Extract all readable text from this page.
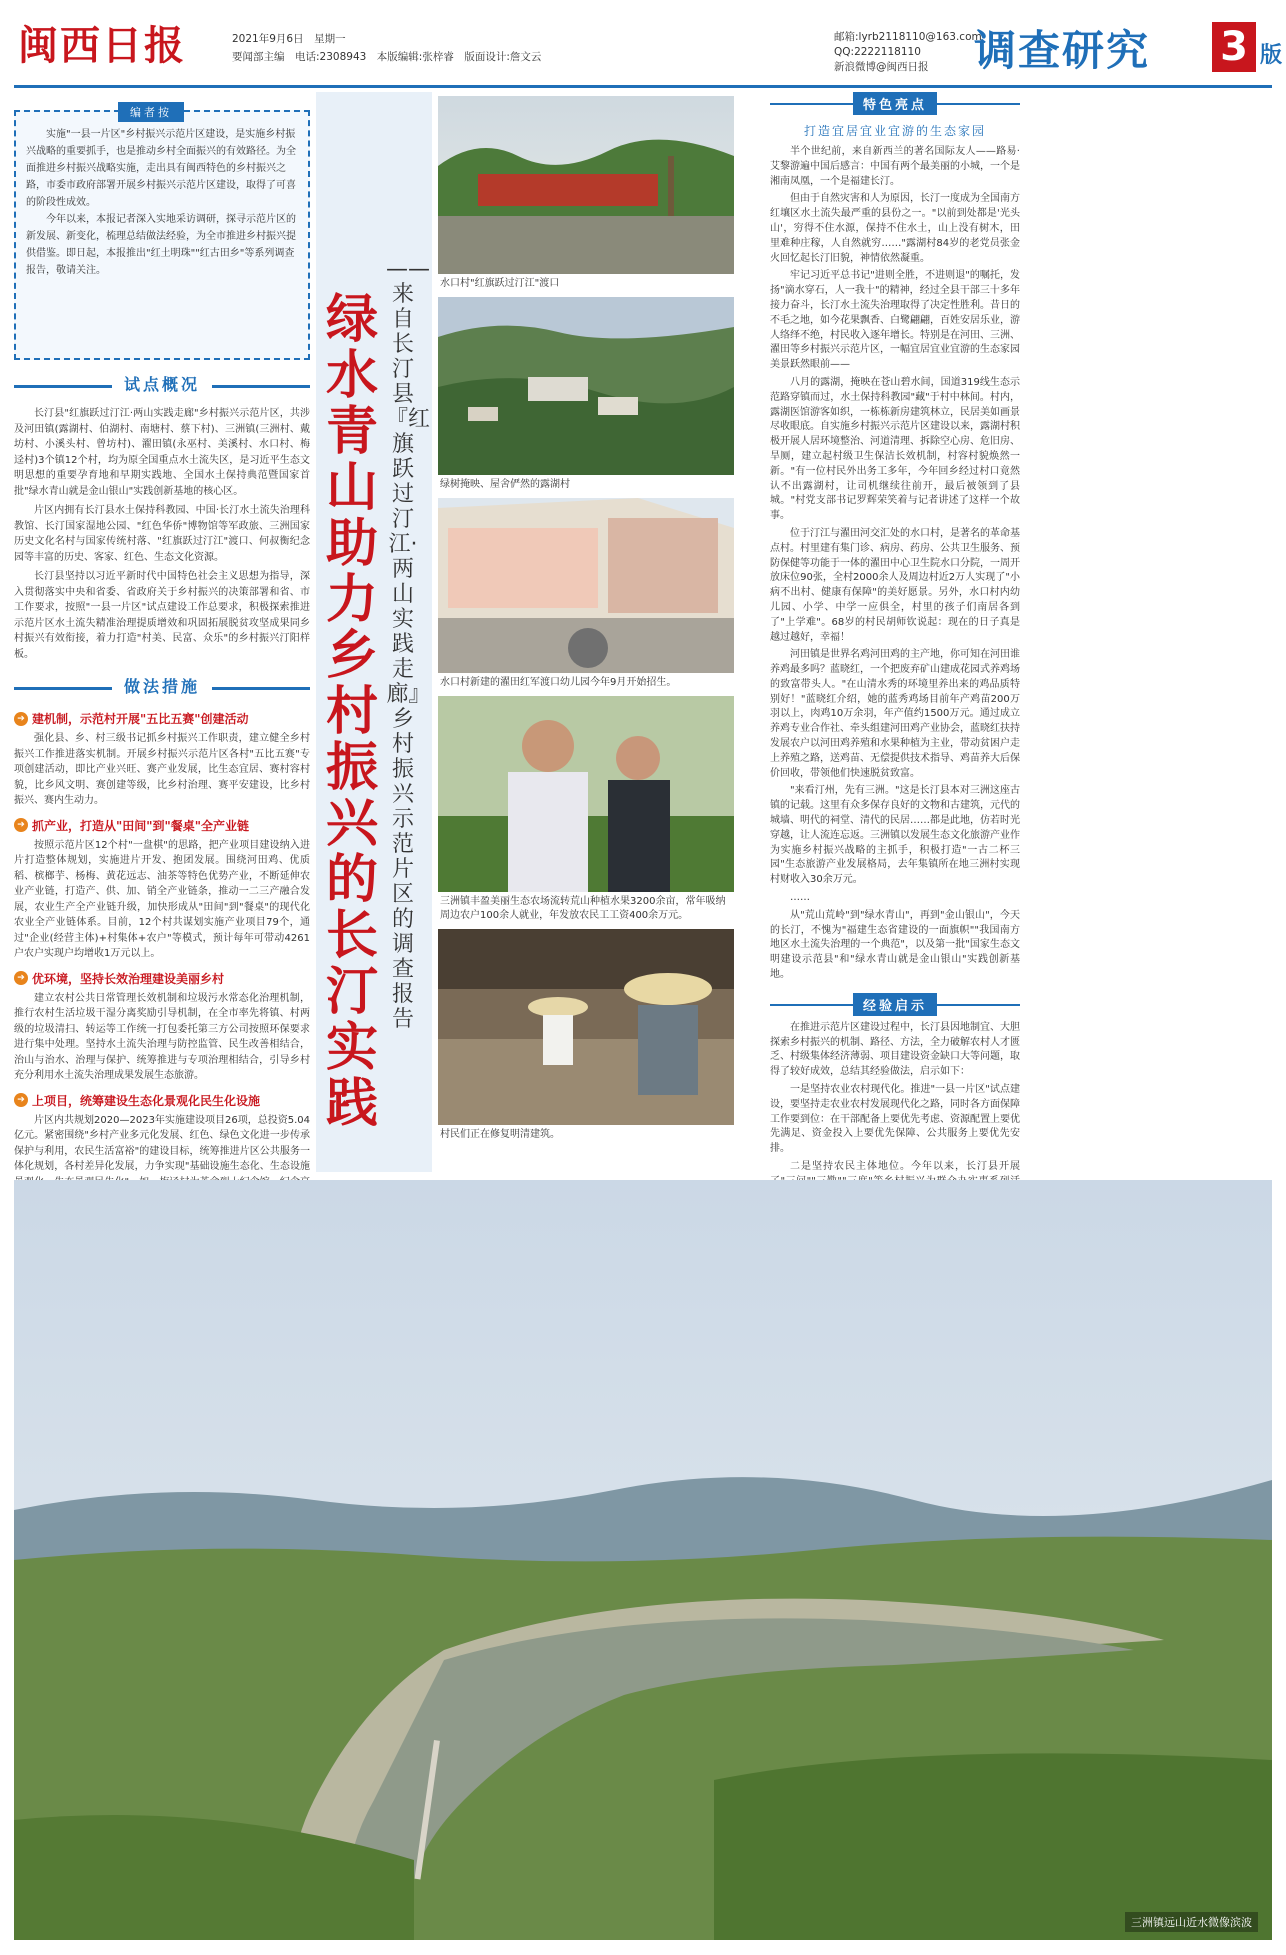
闽西日报	2021年9月6日　星期一
要闻部主编　电话:2308943　本版编辑:张梓睿　版面设计:詹文云
邮箱:lyrb2118110@163.com
QQ:2222118110
新浪微博@闽西日报	调查研究 3 版
编者按

实施"一县一片区"乡村振兴示范片区建设，是实施乡村振兴战略的重要抓手，也是推动乡村全面振兴的有效路径。为全面推进乡村振兴战略实施，走出具有闽西特色的乡村振兴之路，市委市政府部署开展乡村振兴示范片区建设，取得了可喜的阶段性成效。

今年以来，本报记者深入实地采访调研，探寻示范片区的新发展、新变化，梳理总结做法经验，为全市推进乡村振兴提供借鉴。即日起，本报推出"红土明珠""红古田乡"等系列调查报告，敬请关注。

试点概况

长汀县"红旗跃过汀江·两山实践走廊"乡村振兴示范片区，共涉及河田镇(露湖村、伯湖村、南塘村、蔡下村)、三洲镇(三洲村、戴坊村、小溪头村、曾坊村)、濯田镇(永巫村、美溪村、水口村、梅迳村)3个镇12个村，均为原全国重点水土流失区，是习近平生态文明思想的重要孕育地和早期实践地、全国水土保持典范暨国家首批"绿水青山就是金山银山"实践创新基地的核心区。

片区内拥有长汀县水土保持科教园、中国·长汀水土流失治理科教馆、长汀国家湿地公园、"红色华侨"博物馆等军政旅、三洲国家历史文化名村与国家传统村落、"红旗跃过汀江"渡口、何叔衡纪念园等丰富的历史、客家、红色、生态文化资源。

长汀县坚持以习近平新时代中国特色社会主义思想为指导，深入贯彻落实中央和省委、省政府关于乡村振兴的决策部署和省、市工作要求，按照"一县一片区"试点建设工作总要求，积极探索推进示范片区水土流失精准治理提质增效和巩固拓展脱贫攻坚成果同乡村振兴有效衔接，着力打造"村美、民富、众乐"的乡村振兴汀阳样板。

做法措施
➔ 建机制，示范村开展"五比五赛"创建活动

强化县、乡、村三级书记抓乡村振兴工作职责，建立健全乡村振兴工作推进落实机制。开展乡村振兴示范片区各村"五比五赛"专项创建活动，即比产业兴旺、赛产业发展，比生态宜居、赛村容村貌，比乡风文明、赛创建等级，比乡村治理、赛平安建设，比乡村振兴、赛内生动力。

➔ 抓产业，打造从"田间"到"餐桌"全产业链

按照示范片区12个村"一盘棋"的思路，把产业项目建设纳入进片打造整体规划，实施进片开发、抱团发展。围绕河田鸡、优质稻、槟榔芋、杨梅、黄花远志、油茶等特色优势产业，不断延伸农业产业链，打造产、供、加、销全产业链条，推动一二三产融合发展，农业生产全产业链升级，加快形成从"田间"到"餐桌"的现代化农业全产业链体系。目前，12个村共谋划实施产业项目79个，通过"企业(经营主体)+村集体+农户"等模式，预计每年可带动4261户农户实现户均增收1万元以上。

➔ 优环境，坚持长效治理建设美丽乡村

建立农村公共日常管理长效机制和垃圾污水常态化治理机制，推行农村生活垃圾干湿分离奖励引导机制，在全市率先将镇、村两级的垃圾清扫、转运等工作统一打包委托第三方公司按照环保要求进行集中处理。坚持水土流失治理与防控监管、民生改善相结合，治山与治水、治理与保护、统筹推进与专项治理相结合，引导乡村充分利用水土流失治理成果发展生态旅游。

➔ 上项目，统筹建设生态化景观化民生化设施

片区内共规划2020—2023年实施建设项目26项，总投资5.04亿元。紧密围绕"乡村产业多元化发展、红色、绿色文化进一步传承保护与利用，农民生活富裕"的建设目标，统筹推进片区公共服务一体化规划，各村差异化发展，力争实现"基础设施生态化、生态设施

绿水青山助力乡村振兴的长汀实践
——来自长汀县『红旗跃过汀江·两山实践走廊』乡村振兴示范片区的调查报告
水口村"红旗跃过汀江"渡口
绿树掩映、屋舍俨然的露湖村
水口村新建的濯田红军渡口幼儿园今年9月开始招生。
三洲镇丰盈美丽生态农场流转荒山种植水果3200余亩，常年吸纳周边农户100余人就业，年发放农民工工资400余万元。
村民们正在修复明清建筑。
特色亮点
打造宜居宜业宜游的生态家园

半个世纪前，来自新西兰的著名国际友人——路易·艾黎游遍中国后感言：中国有两个最美丽的小城，一个是湘南凤凰，一个是福建长汀。

但由于自然灾害和人为原因，长汀一度成为全国南方红壤区水土流失最严重的县份之一。"以前到处都是'光头山'，穷得不住水源，保持不住水土，山上没有树木，田里难种庄稼，人自然就穷……"露湖村84岁的老党员张金火回忆起长汀旧貌，神情依然凝重。

牢记习近平总书记"进则全胜，不进则退"的嘱托，发扬"滴水穿石，人一我十"的精神，经过全县干部三十多年接力奋斗，长汀水土流失治理取得了决定性胜利。昔日的不毛之地，如今花果飘香、白鹭翩翩，百姓安居乐业，游人络绎不绝，村民收入逐年增长。特别是在河田、三洲、濯田等乡村振兴示范片区，一幅宜居宜业宜游的生态家园美景跃然眼前——

八月的露湖，掩映在苍山碧水间，国道319线生态示范路穿镇而过，水土保持科教园"藏"于村中林间。村内，露湖医馆游客如织，一栋栋新房建筑林立，民居美如画景尽收眼底。自实施乡村振兴示范片区建设以来，露湖村积极开展人居环境整治、河道清理、拆除空心房、危旧房、旱厕，建立起村级卫生保洁长效机制，村容村貌焕然一新。"有一位村民外出务工多年，今年回乡经过村口竟然认不出露湖村，让司机继续往前开，最后被领到了县城。"村党支部书记罗辉荣笑着与记者讲述了这样一个故事。

位于汀江与濯田河交汇处的水口村，是著名的革命基点村。村里建有集门诊、病房、药房、公共卫生服务、预防保健等功能于一体的濯田中心卫生院水口分院，一周开放床位90张，全村2000余人及周边村近2万人实现了"小病不出村、健康有保障"的美好愿景。另外，水口村内幼儿园、小学、中学一应俱全，村里的孩子们南居各到了"上学难"。68岁的村民胡师钦说起：现在的日子真是越过越好，幸福！

河田镇是世界名鸡河田鸡的主产地，你可知在河田谁养鸡最多吗？蓝晓红，一个把废弃矿山建成花园式养鸡场的致富带头人。"在山清水秀的环境里养出来的鸡品质特别好！"蓝晓红介绍，她的蓝秀鸡场目前年产鸡苗200万羽以上，肉鸡10万余羽，年产值约1500万元。通过成立养鸡专业合作社、牵头组建河田鸡产业协会，蓝晓红扶持发展农户以河田鸡养殖和水果种植为主业，带动贫困户走上养殖之路，送鸡苗、无偿提供技术指导、鸡苗养大后保价回收，带领他们快速脱贫致富。

"来看汀州，先有三洲。"这是长汀县本对三洲这座古镇的记载。这里有众多保存良好的文物和古建筑，元代的城墙、明代的祠堂、清代的民居……都是此地，仿若时光穿越，让人流连忘返。三洲镇以发展生态文化旅游产业作为实施乡村振兴战略的主抓手，积极打造"一古二杯三园"生态旅游产业发展格局，去年集镇所在地三洲村实现村财收入30余万元。

……

从"荒山荒岭"到"绿水青山"，再到"金山银山"，今天的长汀，不愧为"福建生态省建设的一面旗帜""我国南方地区水土流失治理的一个典范"，以及第一批"国家生态文明建设示范县"和"绿水青山就是金山银山"实践创新基地。

经验启示

在推进示范片区建设过程中，长汀县因地制宜、大胆探索乡村振兴的机制、路径、方法，全力破解农村人才匮乏、村级集体经济薄弱、项目建设资金缺口大等问题，取得了较好成效，总结其经验做法，启示如下：

一是坚持农业农村现代化。推进"一县一片区"试点建设，要坚持走农业农村发展现代化之路，同时各方面保障工作要到位：在干部配备上要优先考虑、资源配置上要优先满足、资金投入上要优先保障、公共服务上要优先安排。

二是坚持农民主体地位。今年以来，长汀县开展

三洲镇远山近水微像滨波
